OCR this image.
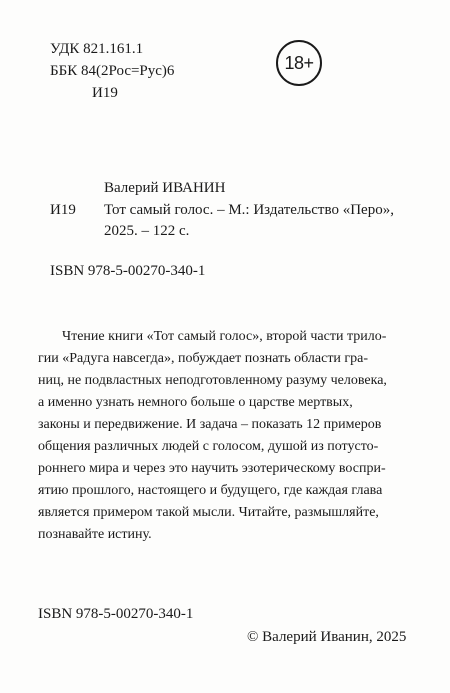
УДК 821.161.1
ББК 84(2Рос=Рус)6
И19
18+
Валерий ИВАНИН
И19 Тот самый голос. – М.: Издательство «Перо»,
2025. – 122 с.
ISBN 978-5-00270-340-1
Чтение книги «Тот самый голос», второй части трило-
гии «Радуга навсегда», побуждает познать области гра-
ниц, не подвластных неподготовленному разуму человека,
а именно узнать немного больше о царстве мертвых,
законы и передвижение. И задача – показать 12 примеров
общения различных людей с голосом, душой из потусто-
роннего мира и через это научить эзотерическому воспри-
ятию прошлого, настоящего и будущего, где каждая глава
является примером такой мысли. Читайте, размышляйте,
познавайте истину.
ISBN 978-5-00270-340-1
© Валерий Иванин, 2025
